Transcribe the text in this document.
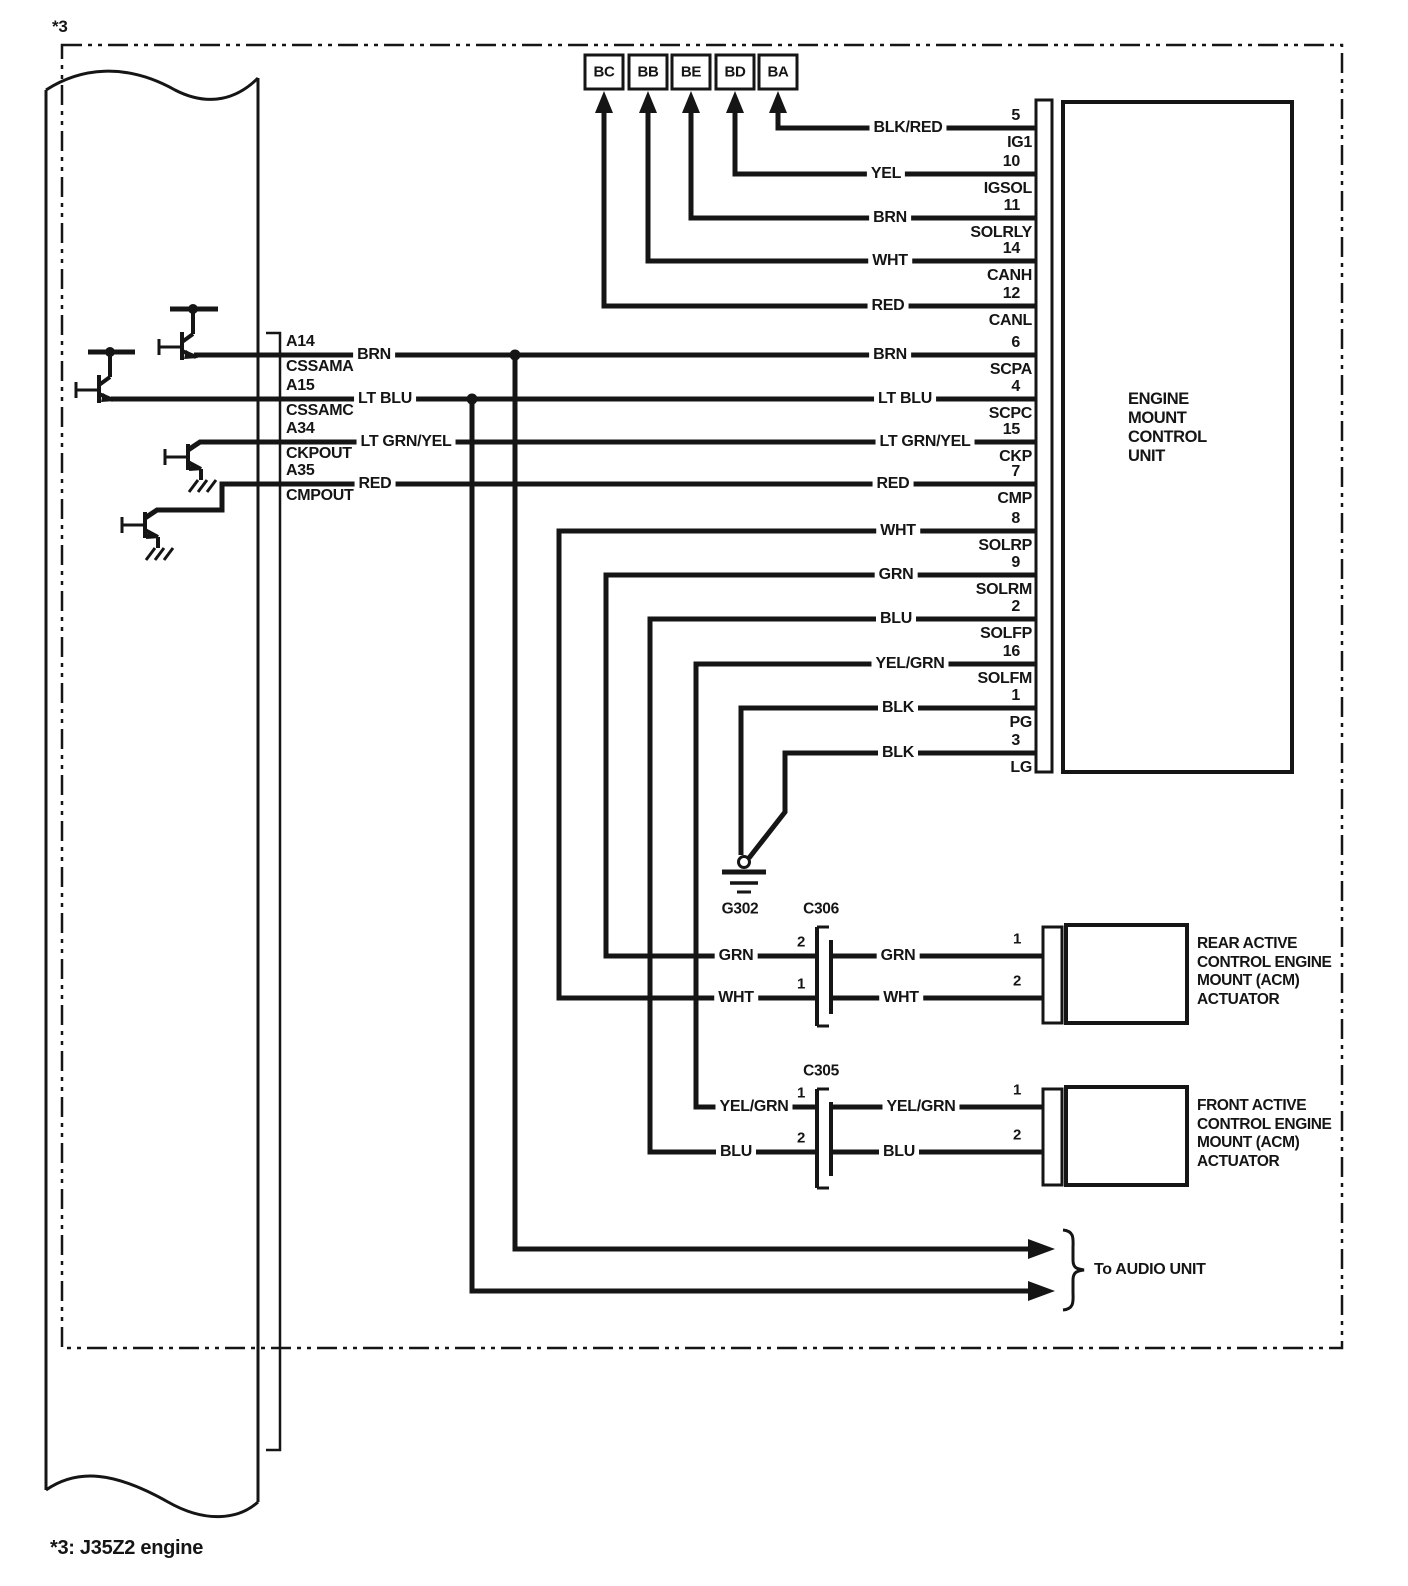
*3
*3: J35Z2 engine
BC BB BE BD BA
ENGINE
MOUNT
CONTROL
UNIT
5
10
11
14
12
6
4
15
7
8
9
2
16
1
3
IG1
IGSOL
SOLRLY
CANH
CANL
SCPA
SCPC
CKP
CMP
SOLRP
SOLRM
SOLFP
SOLFM
PG
LG
BLK/RED
YEL
BRN
WHT
RED
BRN
LT BLU
LT GRN/YEL
RED
WHT
GRN
BLU
YEL/GRN
BLK
BLK
A14
CSSAMA
A15
CSSAMC
A34
CKPOUT
A35
CMPOUT
BRN
LT BLU
LT GRN/YEL
RED
G302	C306
2
1
1
2
GRN
WHT
GRN
WHT
C305
1
2
1
2
YEL/GRN
BLU
YEL/GRN
BLU
REAR ACTIVE
CONTROL ENGINE
MOUNT (ACM)
ACTUATOR
FRONT ACTIVE
CONTROL ENGINE
MOUNT (ACM)
ACTUATOR
To AUDIO UNIT
